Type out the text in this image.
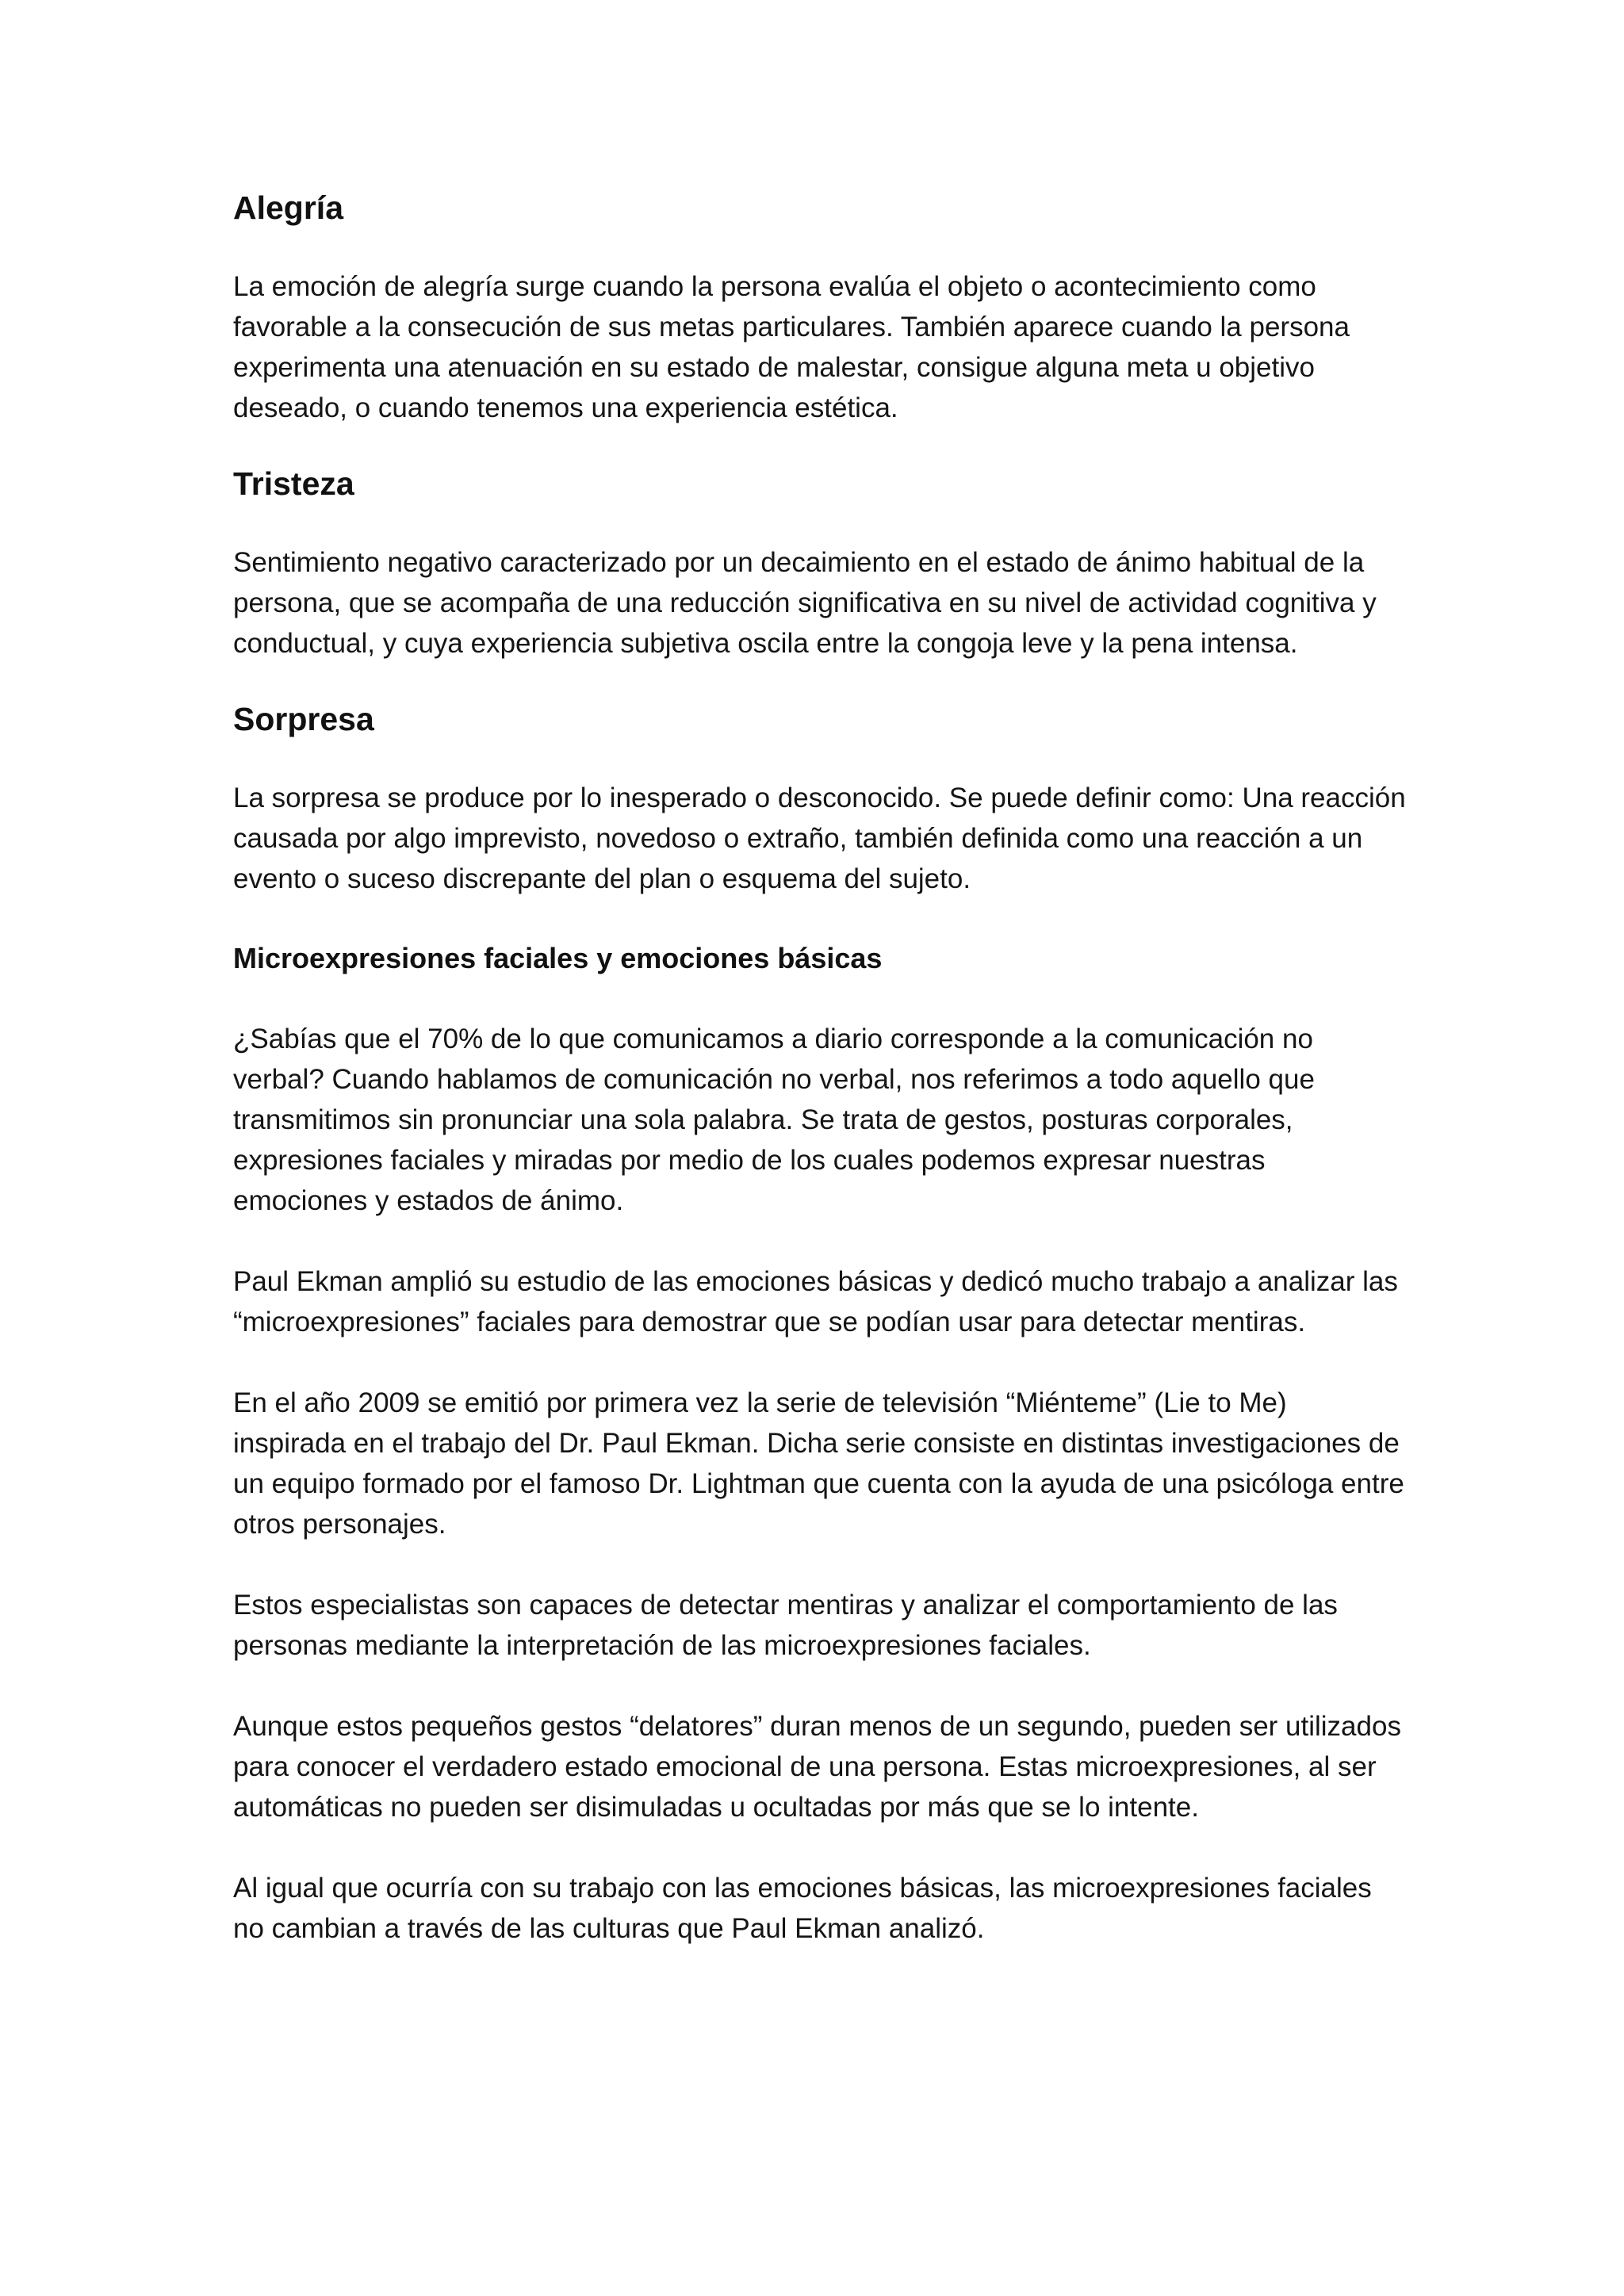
Alegría

La emoción de alegría surge cuando la persona evalúa el objeto o acontecimiento como favorable a la consecución de sus metas particulares. También aparece cuando la persona experimenta una atenuación en su estado de malestar, consigue alguna meta u objetivo deseado, o cuando tenemos una experiencia estética.

Tristeza

Sentimiento negativo caracterizado por un decaimiento en el estado de ánimo habitual de la persona, que se acompaña de una reducción significativa en su nivel de actividad cognitiva y conductual, y cuya experiencia subjetiva oscila entre la congoja leve y la pena intensa.

Sorpresa

La sorpresa se produce por lo inesperado o desconocido. Se puede definir como: Una reacción causada por algo imprevisto, novedoso o extraño, también definida como una reacción a un evento o suceso discrepante del plan o esquema del sujeto.

Microexpresiones faciales y emociones básicas

¿Sabías que el 70% de lo que comunicamos a diario corresponde a la comunicación no verbal? Cuando hablamos de comunicación no verbal, nos referimos a todo aquello que transmitimos sin pronunciar una sola palabra. Se trata de gestos, posturas corporales, expresiones faciales y miradas por medio de los cuales podemos expresar nuestras emociones y estados de ánimo.

Paul Ekman amplió su estudio de las emociones básicas y dedicó mucho trabajo a analizar las “microexpresiones” faciales para demostrar que se podían usar para detectar mentiras.

En el año 2009 se emitió por primera vez la serie de televisión “Miénteme” (Lie to Me) inspirada en el trabajo del Dr. Paul Ekman. Dicha serie consiste en distintas investigaciones de un equipo formado por el famoso Dr. Lightman que cuenta con la ayuda de una psicóloga entre otros personajes.

Estos especialistas son capaces de detectar mentiras y analizar el comportamiento de las personas mediante la interpretación de las microexpresiones faciales.

Aunque estos pequeños gestos “delatores” duran menos de un segundo, pueden ser utilizados para conocer el verdadero estado emocional de una persona. Estas microexpresiones, al ser automáticas no pueden ser disimuladas u ocultadas por más que se lo intente.

Al igual que ocurría con su trabajo con las emociones básicas, las microexpresiones faciales no cambian a través de las culturas que Paul Ekman analizó.
